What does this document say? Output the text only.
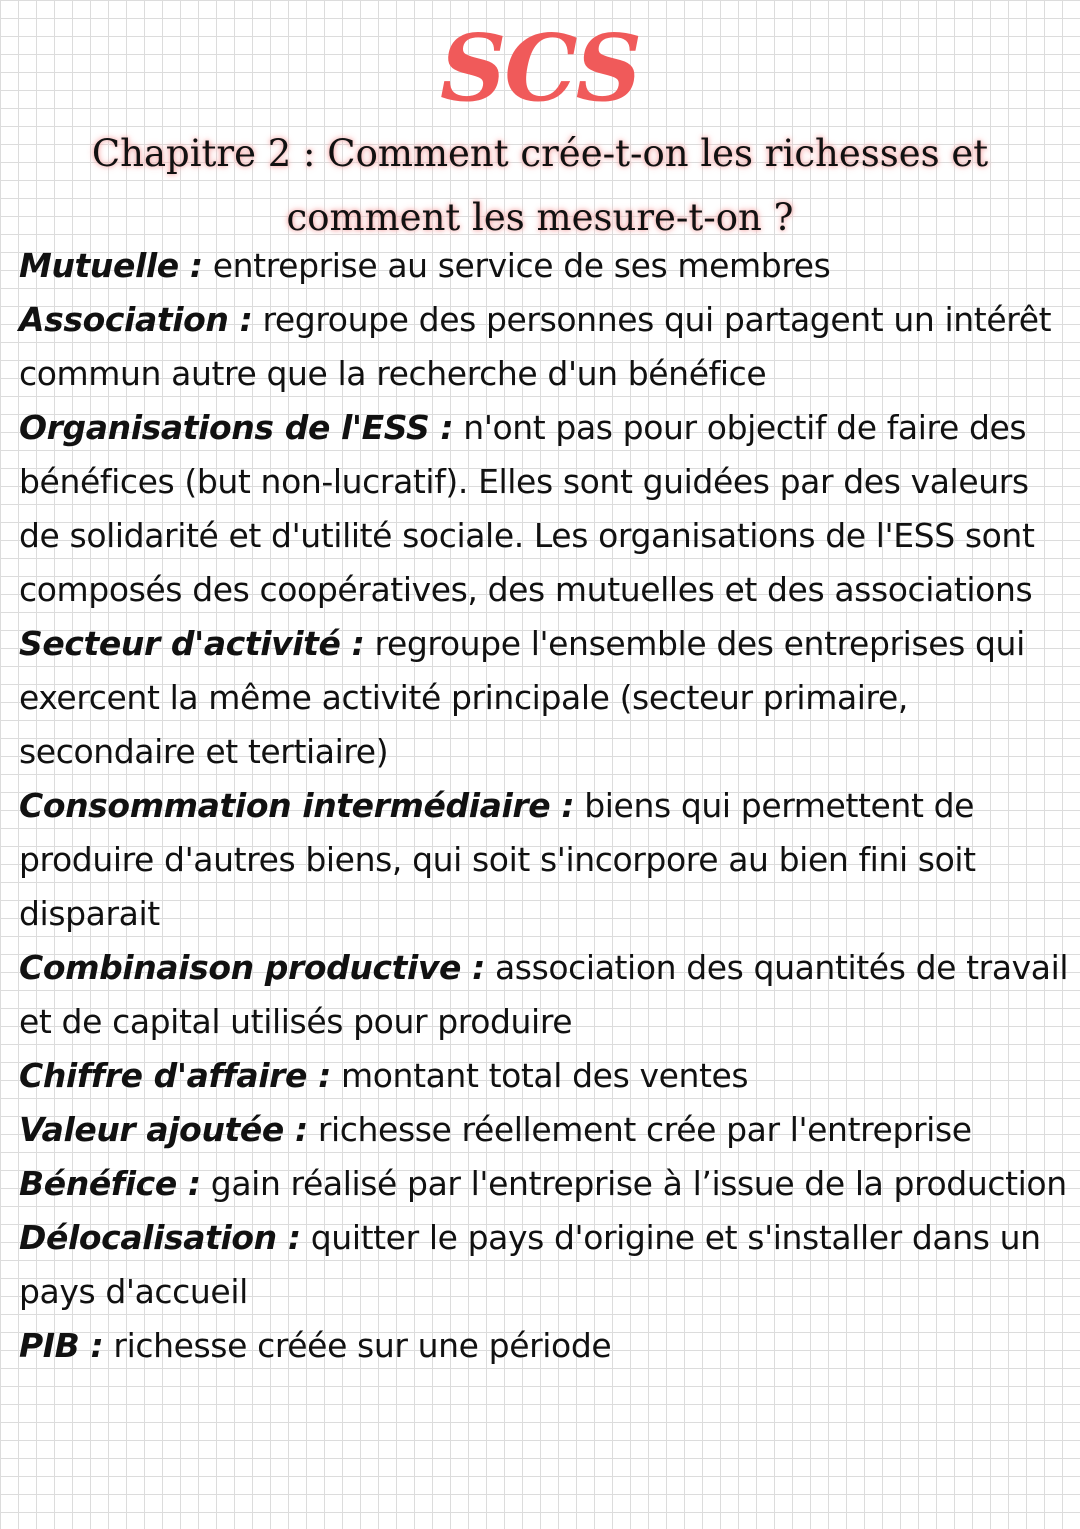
SCS
Chapitre 2 : Comment crée-t-on les richesses et
comment les mesure-t-on ?

Mutuelle : entreprise au service de ses membres

Association : regroupe des personnes qui partagent un intérêt commun autre que la recherche d'un bénéfice

Organisations de l'ESS : n'ont pas pour objectif de faire des bénéfices (but non-lucratif). Elles sont guidées par des valeurs de solidarité et d'utilité sociale. Les organisations de l'ESS sont composés des coopératives, des mutuelles et des associations

Secteur d'activité : regroupe l'ensemble des entreprises qui exercent la même activité principale (secteur primaire, secondaire et tertiaire)

Consommation intermédiaire : biens qui permettent de produire d'autres biens, qui soit s'incorpore au bien fini soit disparait

Combinaison productive : association des quantités de travail et de capital utilisés pour produire

Chiffre d'affaire : montant total des ventes

Valeur ajoutée : richesse réellement crée par l'entreprise

Bénéfice : gain réalisé par l'entreprise à l’issue de la production

Délocalisation : quitter le pays d'origine et s'installer dans un pays d'accueil

PIB : richesse créée sur une période
